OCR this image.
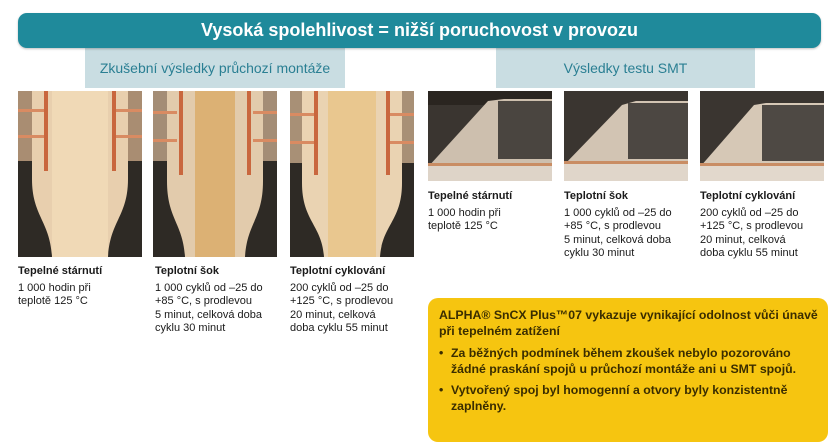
Vysoká spolehlivost = nižší poruchovost v provozu
Zkušební výsledky průchozí montáže	Výsledky testu SMT
Tepelné stárnutí
1 000 hodin při
teplotě 125 °C
Teplotní šok
1 000 cyklů od –25 do
+85 °C, s prodlevou
5 minut, celková doba
cyklu 30 minut
Teplotní cyklování
200 cyklů od –25 do
+125 °C, s prodlevou
20 minut, celková
doba cyklu 55 minut
Tepelné stárnutí
1 000 hodin při
teplotě 125 °C
Teplotní šok
1 000 cyklů od –25 do
+85 °C, s prodlevou
5 minut, celková doba
cyklu 30 minut
Teplotní cyklování
200 cyklů od –25 do
+125 °C, s prodlevou
20 minut, celková
doba cyklu 55 minut
ALPHA® SnCX Plus™07 vykazuje vynikající odolnost vůči únavě při tepelném zatížení
• Za běžných podmínek během zkoušek nebylo pozorováno žádné praskání spojů u průchozí montáže ani u SMT spojů.
• Vytvořený spoj byl homogenní a otvory byly konzistentně zaplněny.
